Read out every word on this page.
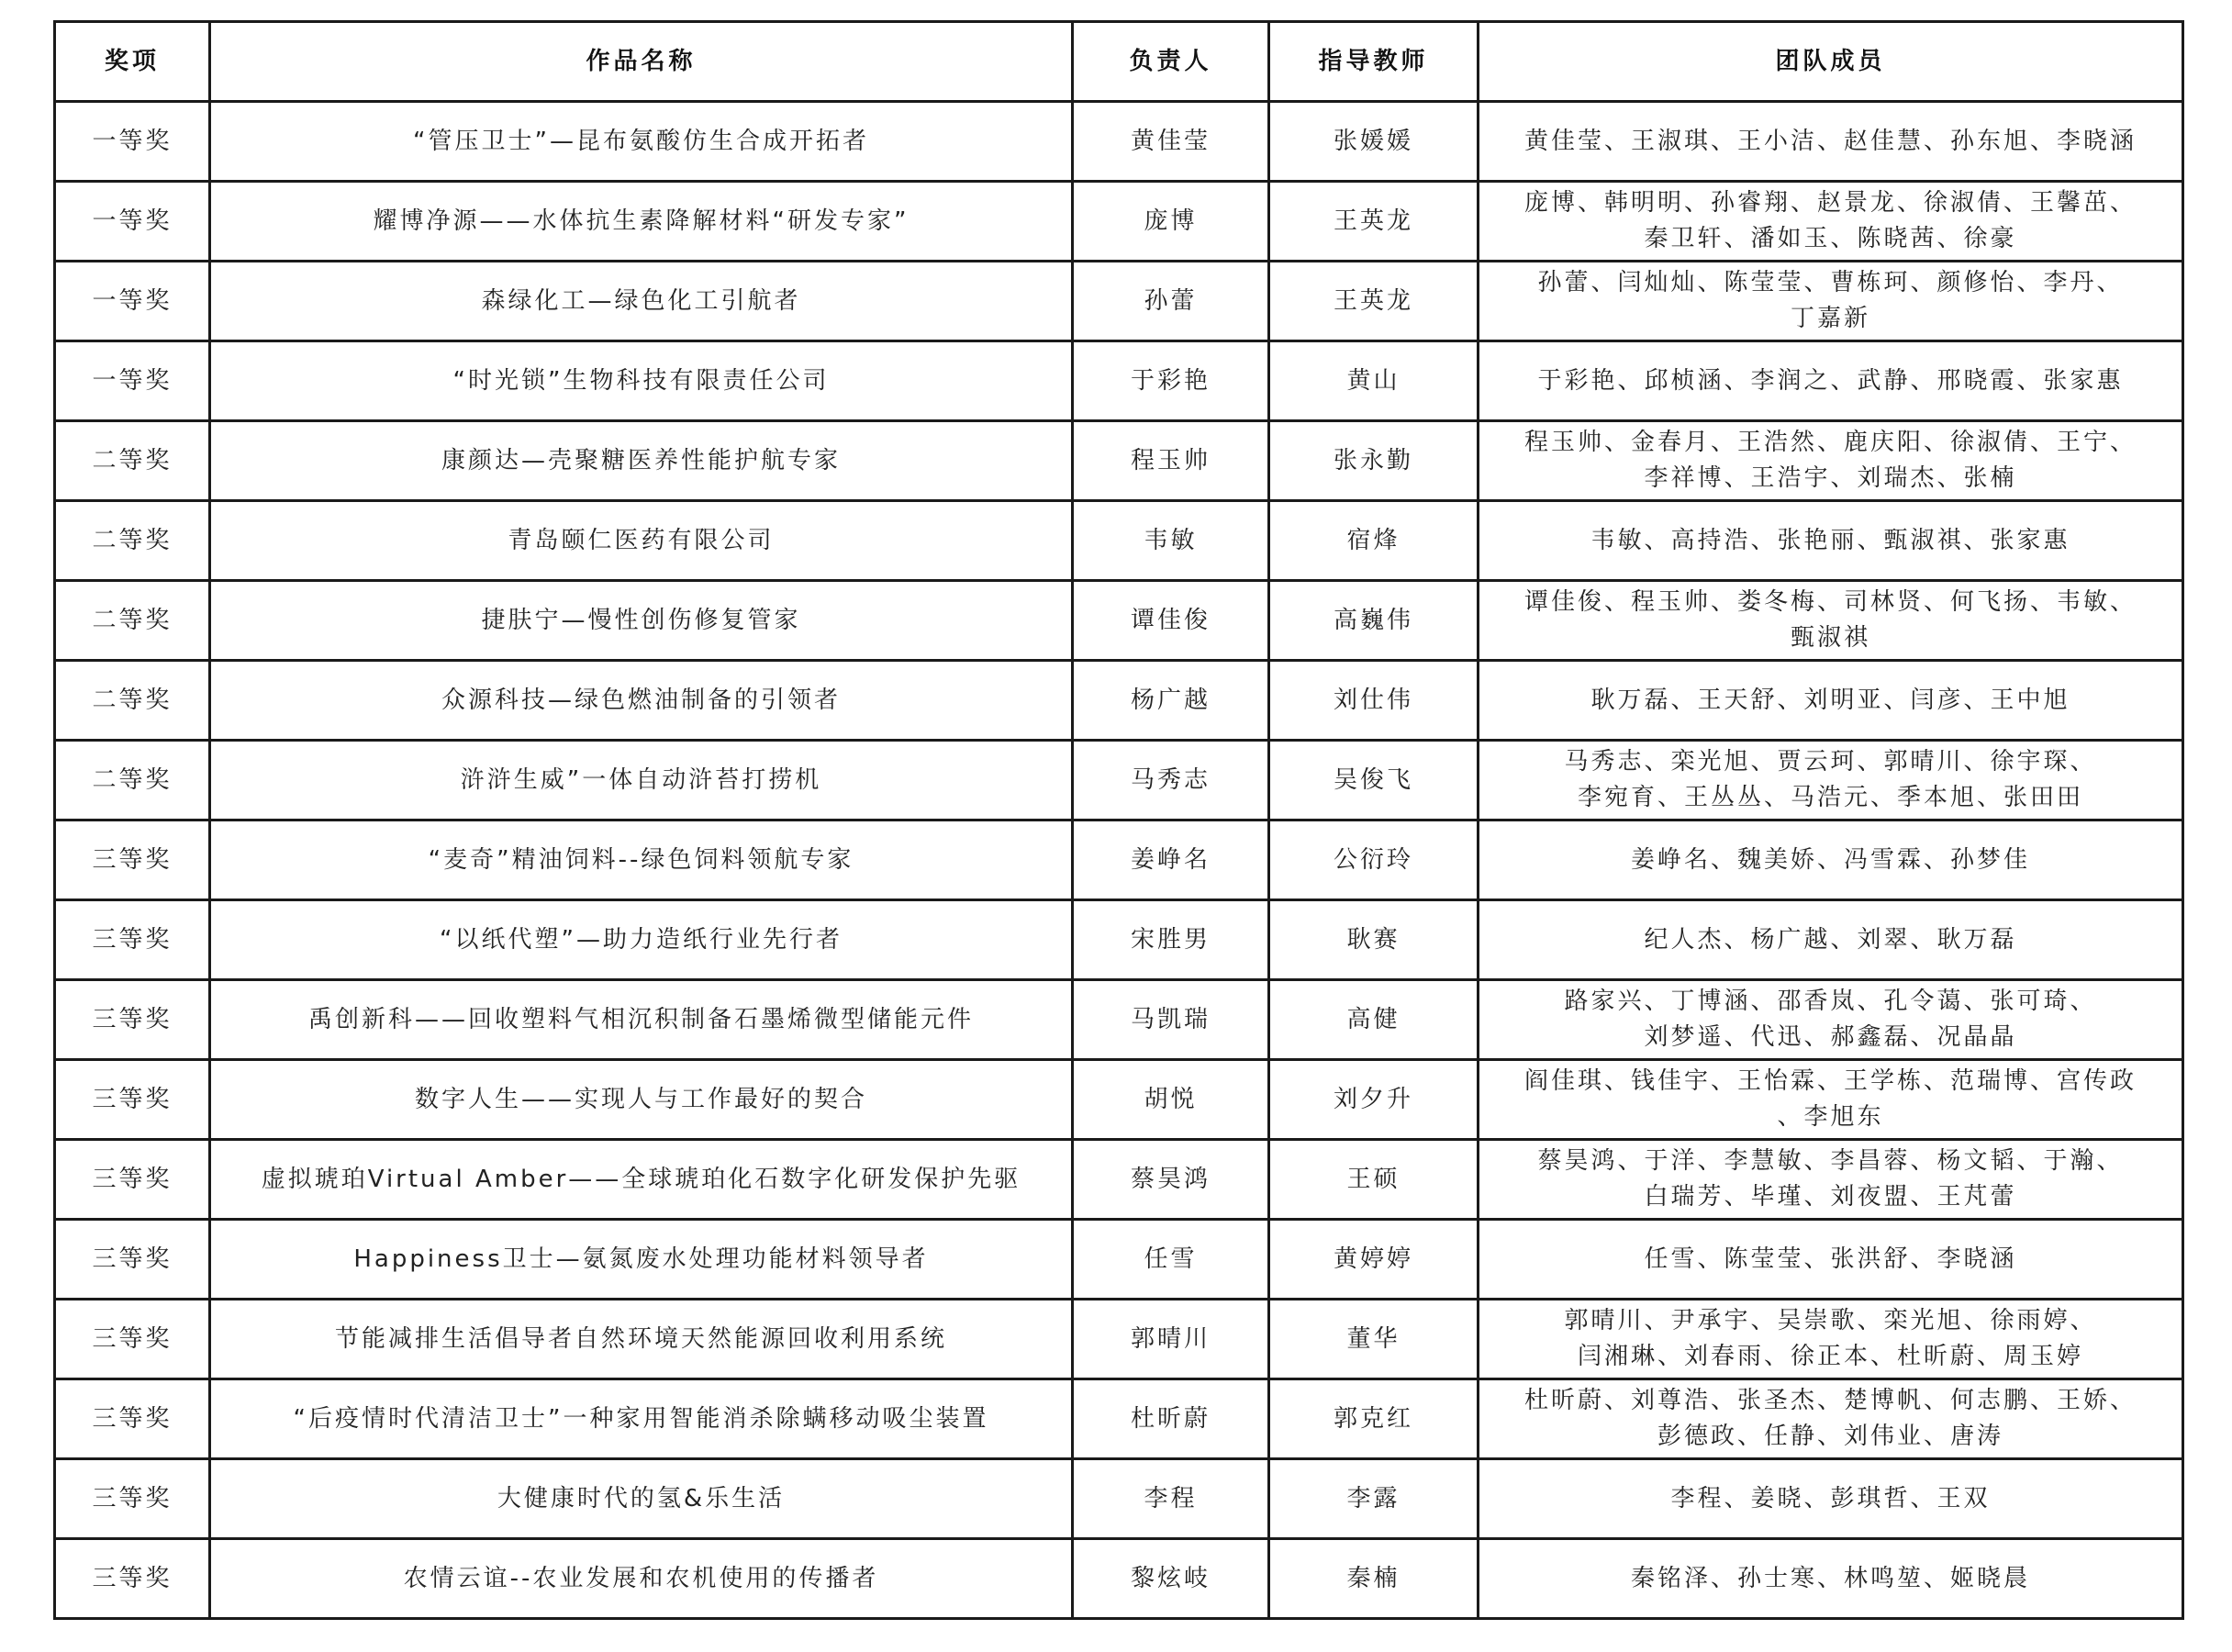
奖项	作品名称	负责人	指导教师	团队成员
一等奖	“管压卫士”—昆布氨酸仿生合成开拓者	黄佳莹	张媛媛	黄佳莹、王淑琪、王小洁、赵佳慧、孙东旭、李晓涵

一等奖	耀博净源——水体抗生素降解材料“研发专家”	庞博	王英龙	庞博、韩明明、孙睿翔、赵景龙、徐淑倩、王馨茁、
秦卫轩、潘如玉、陈晓茜、徐豪

一等奖	森绿化工—绿色化工引航者	孙蕾	王英龙	孙蕾、闫灿灿、陈莹莹、曹栋珂、颜修怡、李丹、
丁嘉新

一等奖	“时光锁”生物科技有限责任公司	于彩艳	黄山	于彩艳、邱桢涵、李润之、武静、邢晓霞、张家惠

二等奖	康颜达—壳聚糖医养性能护航专家	程玉帅	张永勤	程玉帅、金春月、王浩然、鹿庆阳、徐淑倩、王宁、
李祥博、王浩宇、刘瑞杰、张楠

二等奖	青岛颐仁医药有限公司	韦敏	宿烽	韦敏、高持浩、张艳丽、甄淑祺、张家惠

二等奖	捷肤宁—慢性创伤修复管家	谭佳俊	高巍伟	谭佳俊、程玉帅、娄冬梅、司林贤、何飞扬、韦敏、
甄淑祺

二等奖	众源科技—绿色燃油制备的引领者	杨广越	刘仕伟	耿万磊、王天舒、刘明亚、闫彦、王中旭

二等奖	浒浒生威”一体自动浒苔打捞机	马秀志	吴俊飞	马秀志、栾光旭、贾云珂、郭晴川、徐宇琛、
李宛育、王丛丛、马浩元、季本旭、张田田

三等奖	“麦奇”精油饲料--绿色饲料领航专家	姜峥名	公衍玲	姜峥名、魏美娇、冯雪霖、孙梦佳

三等奖	“以纸代塑”—助力造纸行业先行者	宋胜男	耿赛	纪人杰、杨广越、刘翠、耿万磊

三等奖	禹创新科——回收塑料气相沉积制备石墨烯微型储能元件	马凯瑞	高健	路家兴、丁博涵、邵香岚、孔令蔼、张可琦、
刘梦遥、代迅、郝鑫磊、况晶晶

三等奖	数字人生——实现人与工作最好的契合	胡悦	刘夕升	阎佳琪、钱佳宇、王怡霖、王学栋、范瑞博、宫传政
、李旭东

三等奖	虚拟琥珀Virtual Amber——全球琥珀化石数字化研发保护先驱	蔡昊鸿	王硕	蔡昊鸿、于洋、李慧敏、李昌蓉、杨文韬、于瀚、
白瑞芳、毕瑾、刘夜盟、王芃蕾

三等奖	Happiness卫士—氨氮废水处理功能材料领导者	任雪	黄婷婷	任雪、陈莹莹、张洪舒、李晓涵

三等奖	节能减排生活倡导者自然环境天然能源回收利用系统	郭晴川	董华	郭晴川、尹承宇、吴崇歌、栾光旭、徐雨婷、
闫湘琳、刘春雨、徐正本、杜昕蔚、周玉婷

三等奖	“后疫情时代清洁卫士”一种家用智能消杀除螨移动吸尘装置	杜昕蔚	郭克红	杜昕蔚、刘尊浩、张圣杰、楚博帆、何志鹏、王娇、
彭德政、任静、刘伟业、唐涛

三等奖	大健康时代的氢&乐生活	李程	李露	李程、姜晓、彭琪哲、王双

三等奖	农情云谊--农业发展和农机使用的传播者	黎炫岐	秦楠	秦铭泽、孙士寒、林鸣堃、姬晓晨
